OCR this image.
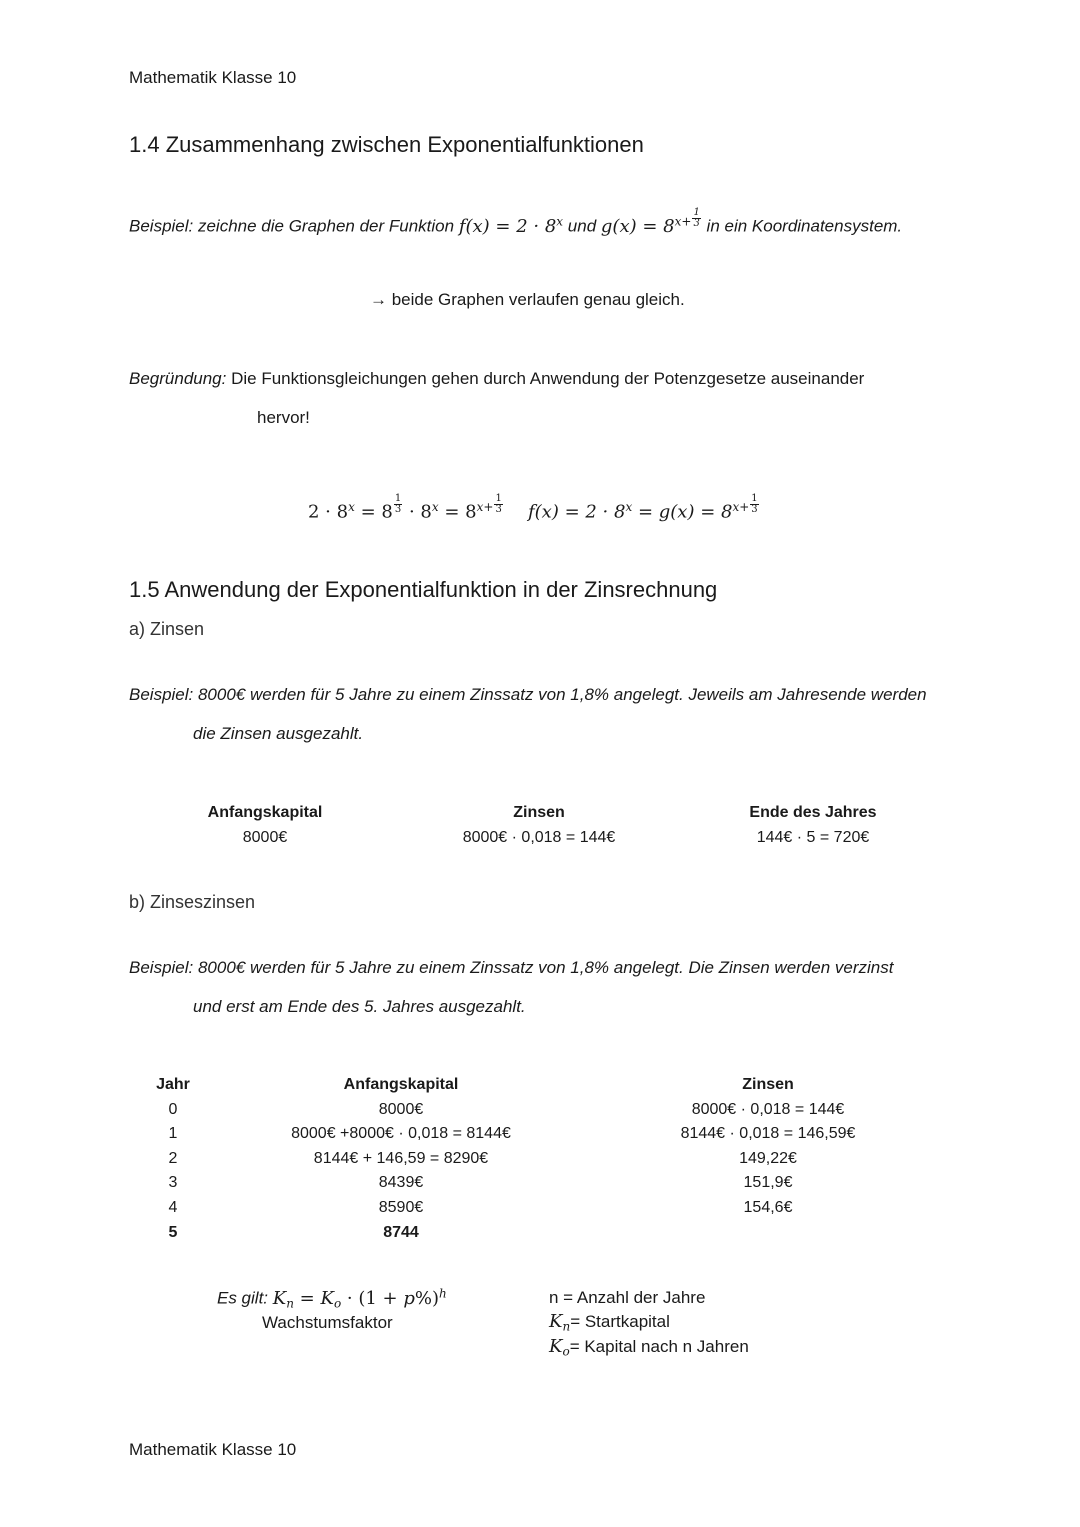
Mathematik Klasse 10
1.4 Zusammenhang zwischen Exponentialfunktionen
Beispiel: zeichne die Graphen der Funktion $f(x) = 2 \cdot 8^x$ und $g(x) = 8^{x+} \frac{1}{3}$ in ein Koordinatensystem.
→ beide Graphen verlaufen genau gleich.
Begründung: Die Funktionsgleichungen gehen durch Anwendung der Potenzgesetze auseinander
hervor!
$2 \cdot 8^x = 8 \frac{1}{3} \cdot 8^x = 8^{x+} \frac{1}{3} f(x) = 2 \cdot 8^x = g(x) = 8^{x+} \frac{1}{3}$
1.5 Anwendung der Exponentialfunktion in der Zinsrechnung
a) Zinsen
Beispiel: 8000€ werden für 5 Jahre zu einem Zinssatz von 1,8% angelegt. Jeweils am Jahresende werden
die Zinsen ausgezahlt.
Anfangskapital
8000€
Zinsen
8000€ · 0,018 = 144€
Ende des Jahres
144€ · 5 = 720€
b) Zinseszinsen
Beispiel: 8000€ werden für 5 Jahre zu einem Zinssatz von 1,8% angelegt. Die Zinsen werden verzinst
und erst am Ende des 5. Jahres ausgezahlt.
Jahr
0
1
2
3
4
5
Anfangskapital
8000€
8000€ +8000€ · 0,018 = 8144€
8144€ + 146,59 = 8290€
8439€
8590€
8744
Zinsen
8000€ · 0,018 = 144€
8144€ · 0,018 = 146,59€
149,22€
151,9€
154,6€
Es gilt: $K_n = K_o \cdot (1 + p\%)^h$
Wachstumsfaktor
n = Anzahl der Jahre
$K_n=$ Startkapital
$K_o=$ Kapital nach n Jahren
Mathematik Klasse 10
